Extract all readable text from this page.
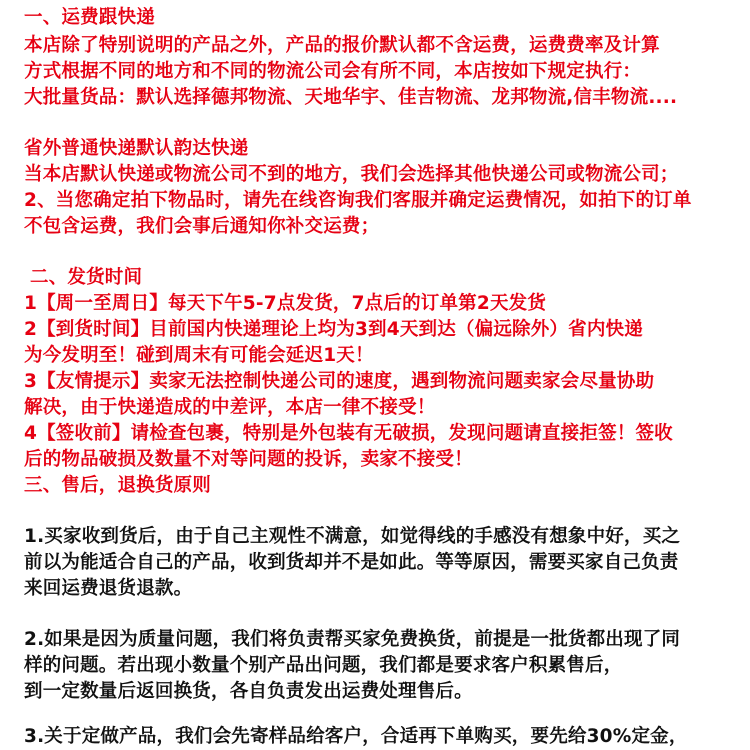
一、运费跟快递
本店除了特别说明的产品之外，产品的报价默认都不含运费，运费费率及计算
方式根据不同的地方和不同的物流公司会有所不同，本店按如下规定执行：
大批量货品：默认选择德邦物流、天地华宇、佳吉物流、龙邦物流,信丰物流....
省外普通快递默认韵达快递
当本店默认快递或物流公司不到的地方，我们会选择其他快递公司或物流公司；
2、当您确定拍下物品时，请先在线咨询我们客服并确定运费情况，如拍下的订单
不包含运费，我们会事后通知你补交运费；
二、发货时间
1【周一至周日】每天下午5-7点发货，7点后的订单第2天发货
2【到货时间】目前国内快递理论上均为3到4天到达（偏远除外）省内快递
为今发明至！碰到周末有可能会延迟1天！
3【友情提示】卖家无法控制快递公司的速度，遇到物流问题卖家会尽量协助
解决，由于快递造成的中差评，本店一律不接受！
4【签收前】请检查包裹，特别是外包装有无破损，发现问题请直接拒签！签收
后的物品破损及数量不对等问题的投诉，卖家不接受！
三、售后，退换货原则
1.买家收到货后，由于自己主观性不满意，如觉得线的手感没有想象中好，买之
前以为能适合自己的产品，收到货却并不是如此。等等原因，需要买家自己负责
来回运费退货退款。
2.如果是因为质量问题，我们将负责帮买家免费换货，前提是一批货都出现了同
样的问题。若出现小数量个别产品出问题，我们都是要求客户积累售后，
到一定数量后返回换货，各自负责发出运费处理售后。
3.关于定做产品，我们会先寄样品给客户，合适再下单购买，要先给30%定金，
